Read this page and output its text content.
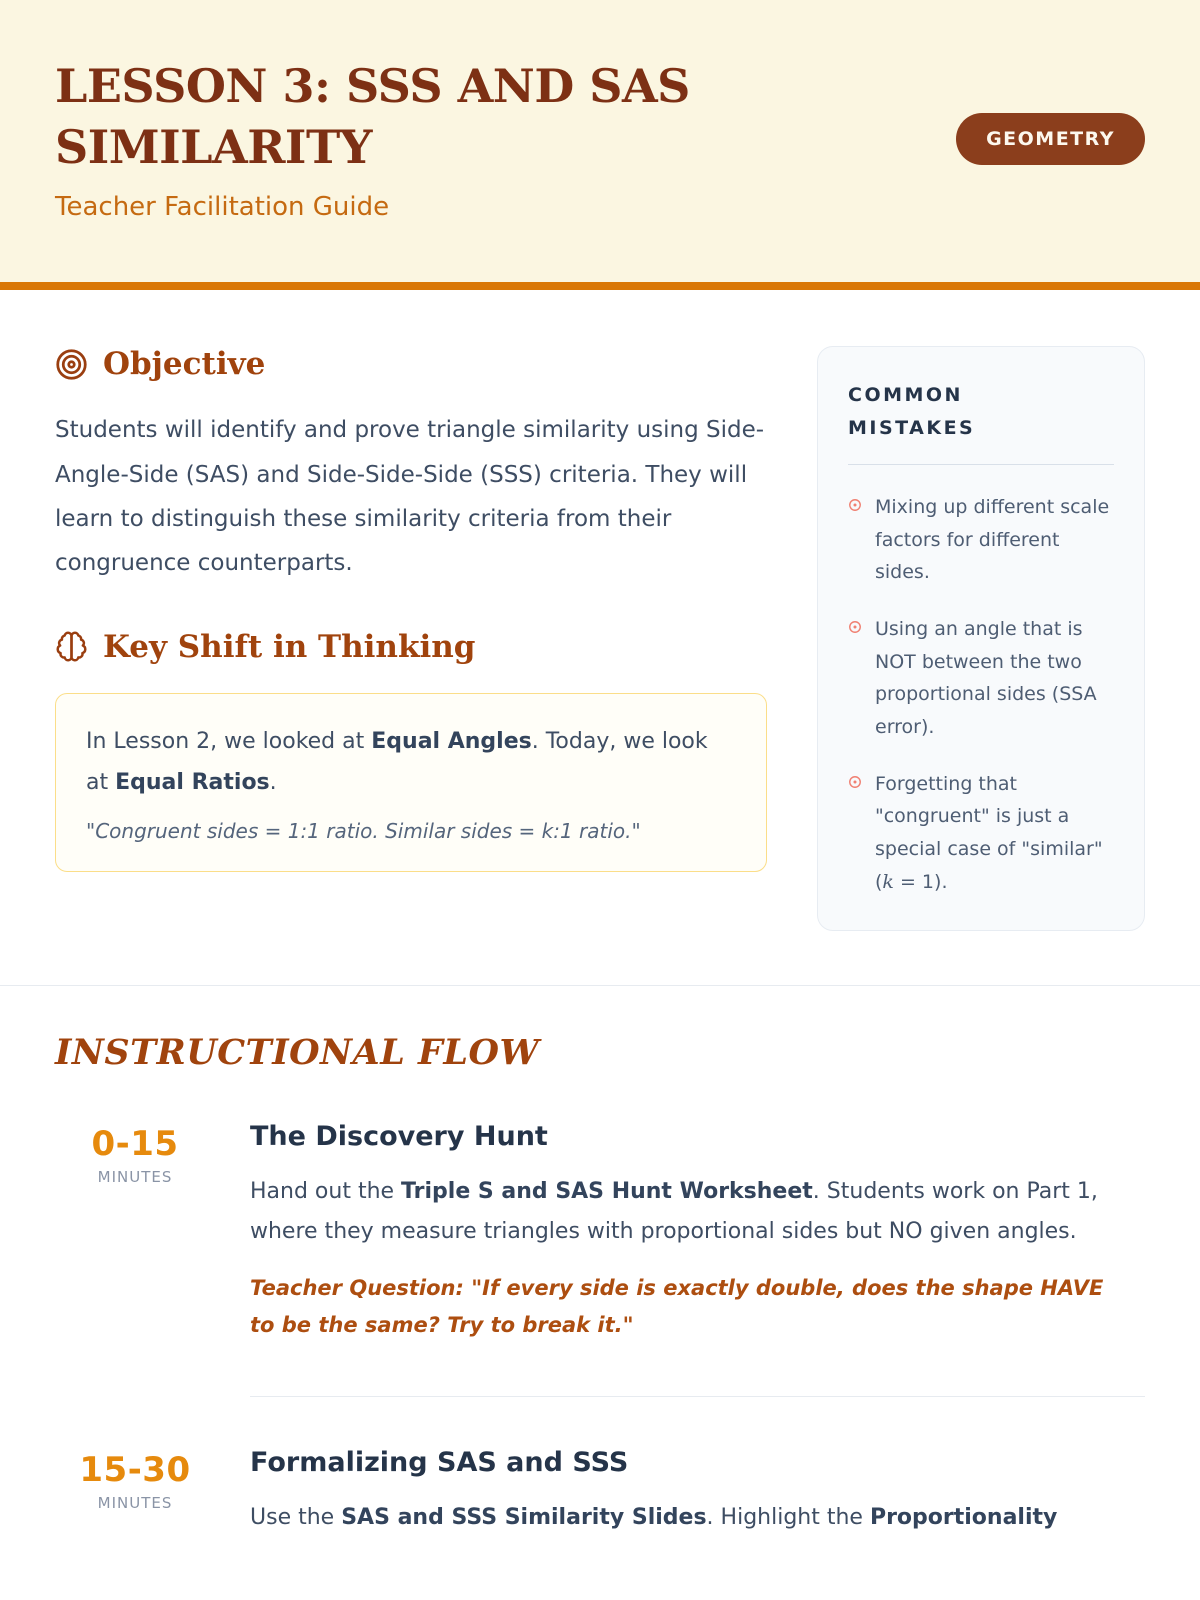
LESSON 3: SSS AND SAS SIMILARITY
Teacher Facilitation Guide
GEOMETRY
Objective

Students will identify and prove triangle similarity using Side-Angle-Side (SAS) and Side-Side-Side (SSS) criteria. They will learn to distinguish these similarity criteria from their congruence counterparts.

Key Shift in Thinking
In Lesson 2, we looked at Equal Angles. Today, we look at Equal Ratios.
"Congruent sides = 1:1 ratio. Similar sides = k:1 ratio."
COMMON MISTAKES
Mixing up different scale factors for different sides.
Using an angle that is NOT between the two proportional sides (SSA error).
Forgetting that "congruent" is just a special case of "similar" (k = 1).
INSTRUCTIONAL FLOW
0-15
MINUTES
The Discovery Hunt
Hand out the Triple S and SAS Hunt Worksheet. Students work on Part 1, where they measure triangles with proportional sides but NO given angles.
Teacher Question: "If every side is exactly double, does the shape HAVE to be the same? Try to break it."
15-30
MINUTES
Formalizing SAS and SSS
Use the SAS and SSS Similarity Slides. Highlight the Proportionality
